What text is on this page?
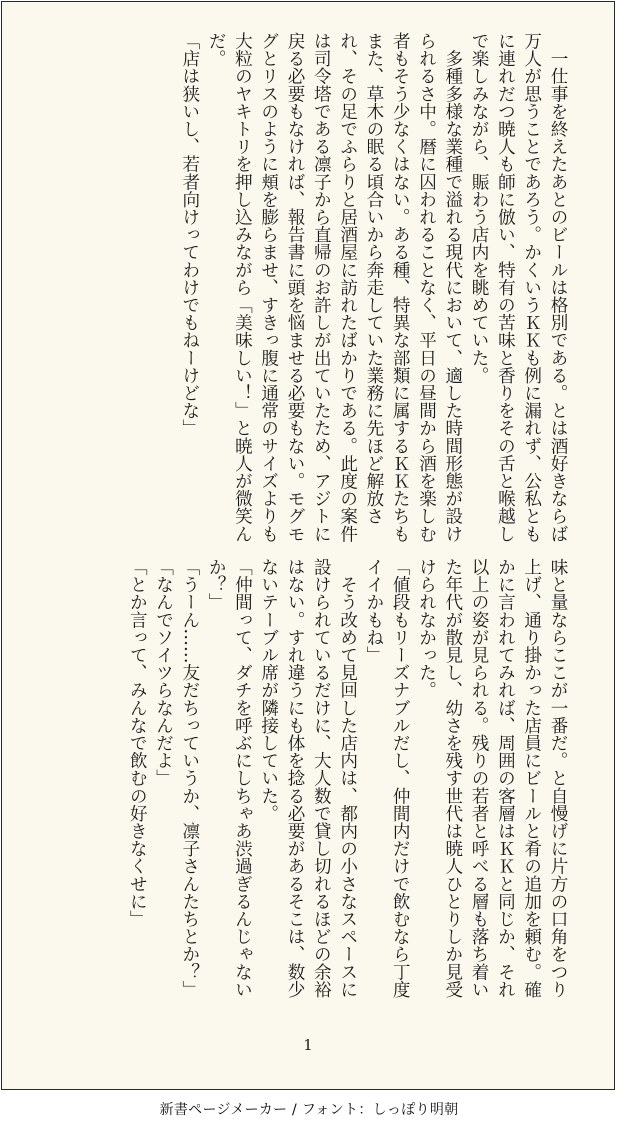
　一仕事を終えたあとのビールは格別である。とは酒好きならば万人が思うことであろう。かくいうＫＫも例に漏れず、公私ともに連れだつ暁人も師に倣い、特有の苦味と香りをその舌と喉越しで楽しみながら、賑わう店内を眺めていた。
　多種多様な業種で溢れる現代において、適した時間形態が設けられるさ中。暦に囚われることなく、平日の昼間から酒を楽しむ者もそう少なくはない。ある種、特異な部類に属するＫＫたちもまた、草木の眠る頃合いから奔走していた業務に先ほど解放され、その足でふらりと居酒屋に訪れたばかりである。此度の案件は司令塔である凛子から直帰のお許しが出ていたため、アジトに戻る必要もなければ、報告書に頭を悩ませる必要もない。モグモグとリスのように頬を膨らませ、すきっ腹に通常のサイズよりも大粒のヤキトリを押し込みながら「美味しい！」と暁人が微笑んだ。
「店は狭いし、若者向けってわけでもねーけどな」
味と量ならここが一番だ。と自慢げに片方の口角をつり上げ、通り掛かった店員にビールと肴の追加を頼む。確かに言われてみれば、周囲の客層はＫＫと同じか、それ以上の姿が見られる。残りの若者と呼べる層も落ち着いた年代が散見し、幼さを残す世代は暁人ひとりしか見受けられなかった。
「値段もリーズナブルだし、仲間内だけで飲むなら丁度イイかもね」
　そう改めて見回した店内は、都内の小さなスペースに設けられているだけに、大人数で貸し切れるほどの余裕はない。すれ違うにも体を捻る必要があるそこは、数少ないテーブル席が隣接していた。
「仲間って、ダチを呼ぶにしちゃあ渋過ぎるんじゃないか？」
「うーん……友だちっていうか、凛子さんたちとか？」
「なんでソイツらなんだよ」
「とか言って、みんなで飲むの好きなくせに」
1
新書ページメーカー / フォント：しっぽり明朝
